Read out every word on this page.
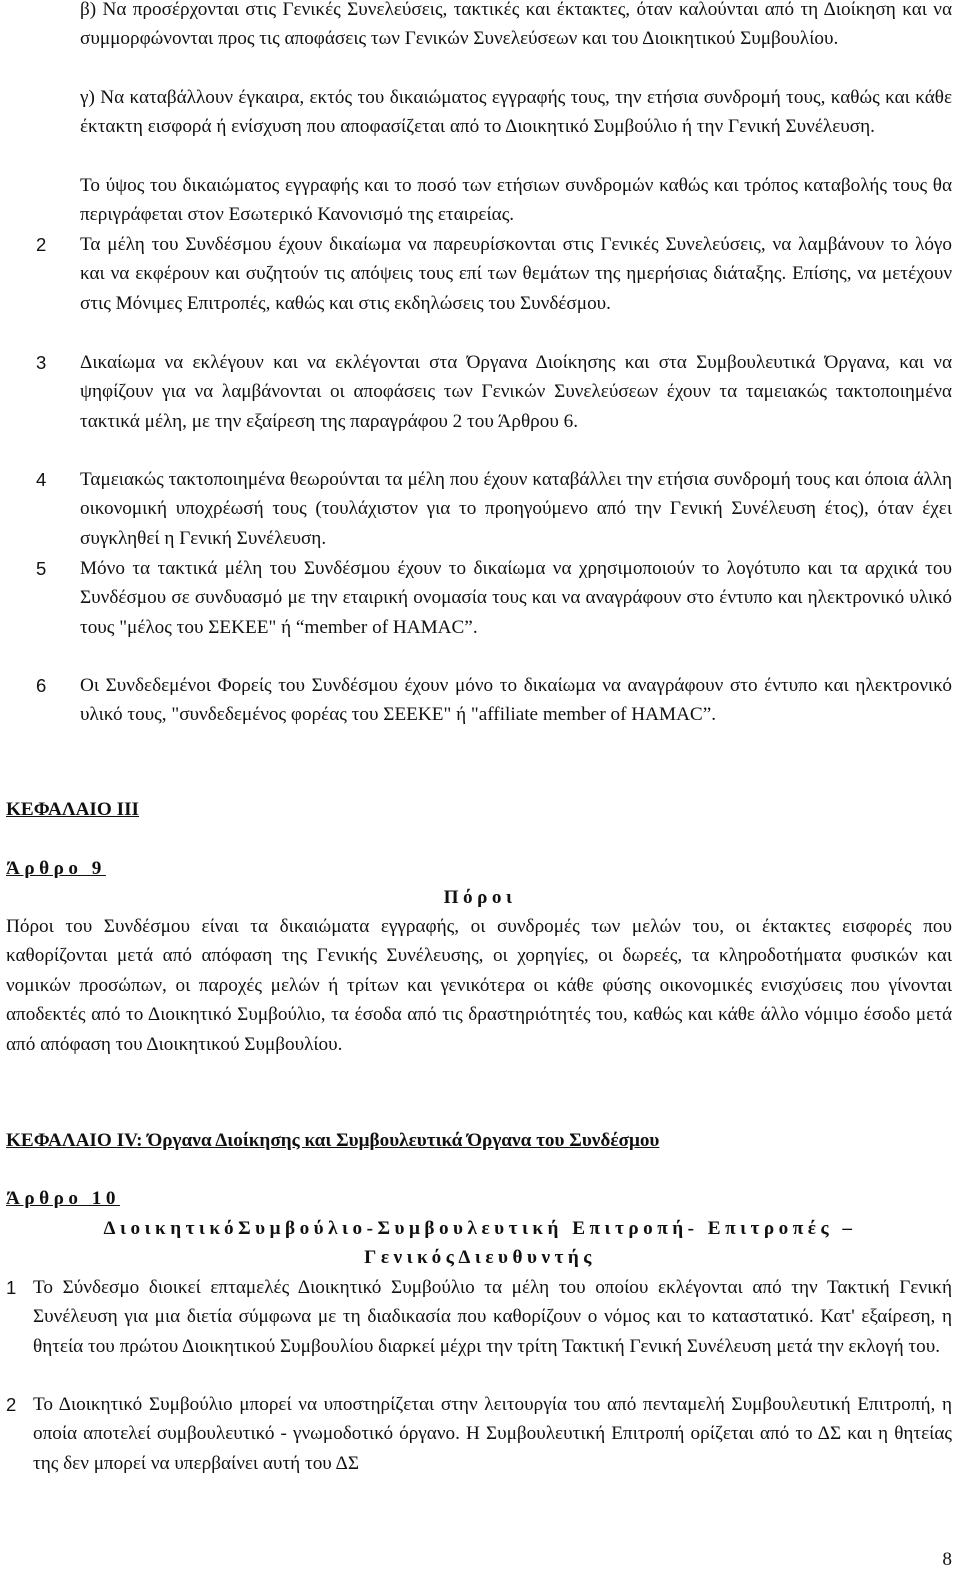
β) Να προσέρχονται στις Γενικές Συνελεύσεις, τακτικές και έκτακτες, όταν καλούνται από τη Διοίκηση και να συμμορφώνονται προς τις αποφάσεις των Γενικών Συνελεύσεων και του Διοικητικού Συμβουλίου.

γ) Να καταβάλλουν έγκαιρα, εκτός του δικαιώματος εγγραφής τους, την ετήσια συνδρομή τους, καθώς και κάθε έκτακτη εισφορά ή ενίσχυση που αποφασίζεται από το Διοικητικό Συμβούλιο ή την Γενική Συνέλευση.

Το ύψος του δικαιώματος εγγραφής και το ποσό των ετήσιων συνδρομών καθώς και τρόπος καταβολής τους θα περιγράφεται στον Εσωτερικό Κανονισμό της εταιρείας.

2	Τα μέλη του Συνδέσμου έχουν δικαίωμα να παρευρίσκονται στις Γενικές Συνελεύσεις, να λαμβάνουν το λόγο και να εκφέρουν και συζητούν τις απόψεις τους επί των θεμάτων της ημερήσιας διάταξης. Επίσης, να μετέχουν στις Μόνιμες Επιτροπές, καθώς και στις εκδηλώσεις του Συνδέσμου.

3	Δικαίωμα να εκλέγουν και να εκλέγονται στα Όργανα Διοίκησης και στα Συμβουλευτικά Όργανα, και να ψηφίζουν για να λαμβάνονται οι αποφάσεις των Γενικών Συνελεύσεων έχουν τα ταμειακώς τακτοποιημένα τακτικά μέλη, με την εξαίρεση της παραγράφου 2 του Άρθρου 6.

4	Ταμειακώς τακτοποιημένα θεωρούνται τα μέλη που έχουν καταβάλλει την ετήσια συνδρομή τους και όποια άλλη οικονομική υποχρέωσή τους (τουλάχιστον για το προηγούμενο από την Γενική Συνέλευση έτος), όταν έχει συγκληθεί η Γενική Συνέλευση.

5	Μόνο τα τακτικά μέλη του Συνδέσμου έχουν το δικαίωμα να χρησιμοποιούν το λογότυπο και τα αρχικά του Συνδέσμου σε συνδυασμό με την εταιρική ονομασία τους και να αναγράφουν στο έντυπο και ηλεκτρονικό υλικό τους "μέλος του ΣΕΚΕΕ" ή “member of HAMAC”.

6	Οι Συνδεδεμένοι Φορείς του Συνδέσμου έχουν μόνο το δικαίωμα να αναγράφουν στο έντυπο και ηλεκτρονικό υλικό τους, "συνδεδεμένος φορέας του ΣΕΕΚΕ" ή "affiliate member of HAMAC”.

ΚΕΦΑΛΑΙΟ ΙΙΙ

Άρθρο 9

Πόροι

Πόροι του Συνδέσμου είναι τα δικαιώματα εγγραφής, οι συνδρομές των μελών του, οι έκτακτες εισφορές που καθορίζονται μετά από απόφαση της Γενικής Συνέλευσης, οι χορηγίες, οι δωρεές, τα κληροδοτήματα φυσικών και νομικών προσώπων, οι παροχές μελών ή τρίτων και γενικότερα οι κάθε φύσης οικονομικές ενισχύσεις που γίνονται αποδεκτές από το Διοικητικό Συμβούλιο, τα έσοδα από τις δραστηριότητές του, καθώς και κάθε άλλο νόμιμο έσοδο μετά από απόφαση του Διοικητικού Συμβουλίου.

ΚΕΦΑΛΑΙΟ IV: Όργανα Διοίκησης και Συμβουλευτικά Όργανα του Συνδέσμου

Άρθρο 10

ΔιοικητικόΣυμβούλιο-Συμβουλευτική Επιτροπή- Επιτροπές –

ΓενικόςΔιευθυντής

1 Το Σύνδεσμο διοικεί επταμελές Διοικητικό Συμβούλιο τα μέλη του οποίου εκλέγονται από την Τακτική Γενική Συνέλευση για μια διετία σύμφωνα με τη διαδικασία που καθορίζουν ο νόμος και το καταστατικό. Κατ' εξαίρεση, η θητεία του πρώτου Διοικητικού Συμβουλίου διαρκεί μέχρι την τρίτη Τακτική Γενική Συνέλευση μετά την εκλογή του.

2 Το Διοικητικό Συμβούλιο μπορεί να υποστηρίζεται στην λειτουργία του από πενταμελή Συμβουλευτική Επιτροπή, η οποία αποτελεί συμβουλευτικό - γνωμοδοτικό όργανο. Η Συμβουλευτική Επιτροπή ορίζεται από το ΔΣ και η θητείας της δεν μπορεί να υπερβαίνει αυτή του ΔΣ

8
